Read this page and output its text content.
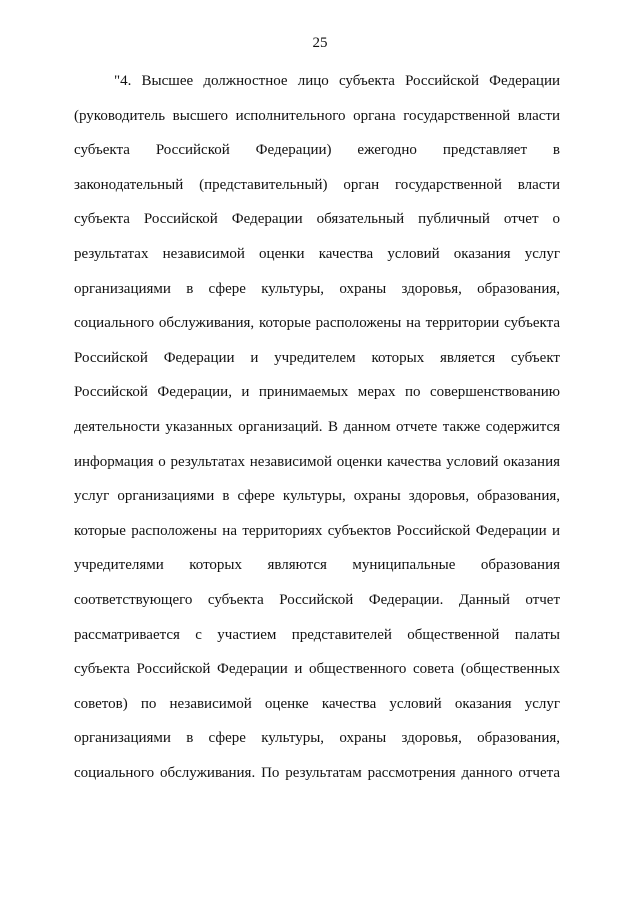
25
"4. Высшее должностное лицо субъекта Российской Федерации
(руководитель высшего исполнительного органа государственной власти
субъекта Российской Федерации) ежегодно представляет в
законодательный (представительный) орган государственной власти
субъекта Российской Федерации обязательный публичный отчет о
результатах независимой оценки качества условий оказания услуг
организациями в сфере культуры, охраны здоровья, образования,
социального обслуживания, которые расположены на территории субъекта
Российской Федерации и учредителем которых является субъект
Российской Федерации, и принимаемых мерах по совершенствованию
деятельности указанных организаций. В данном отчете также содержится
информация о результатах независимой оценки качества условий оказания
услуг организациями в сфере культуры, охраны здоровья, образования,
которые расположены на территориях субъектов Российской Федерации и
учредителями которых являются муниципальные образования
соответствующего субъекта Российской Федерации. Данный отчет
рассматривается с участием представителей общественной палаты
субъекта Российской Федерации и общественного совета (общественных
советов) по независимой оценке качества условий оказания услуг
организациями в сфере культуры, охраны здоровья, образования,
социального обслуживания. По результатам рассмотрения данного отчета
